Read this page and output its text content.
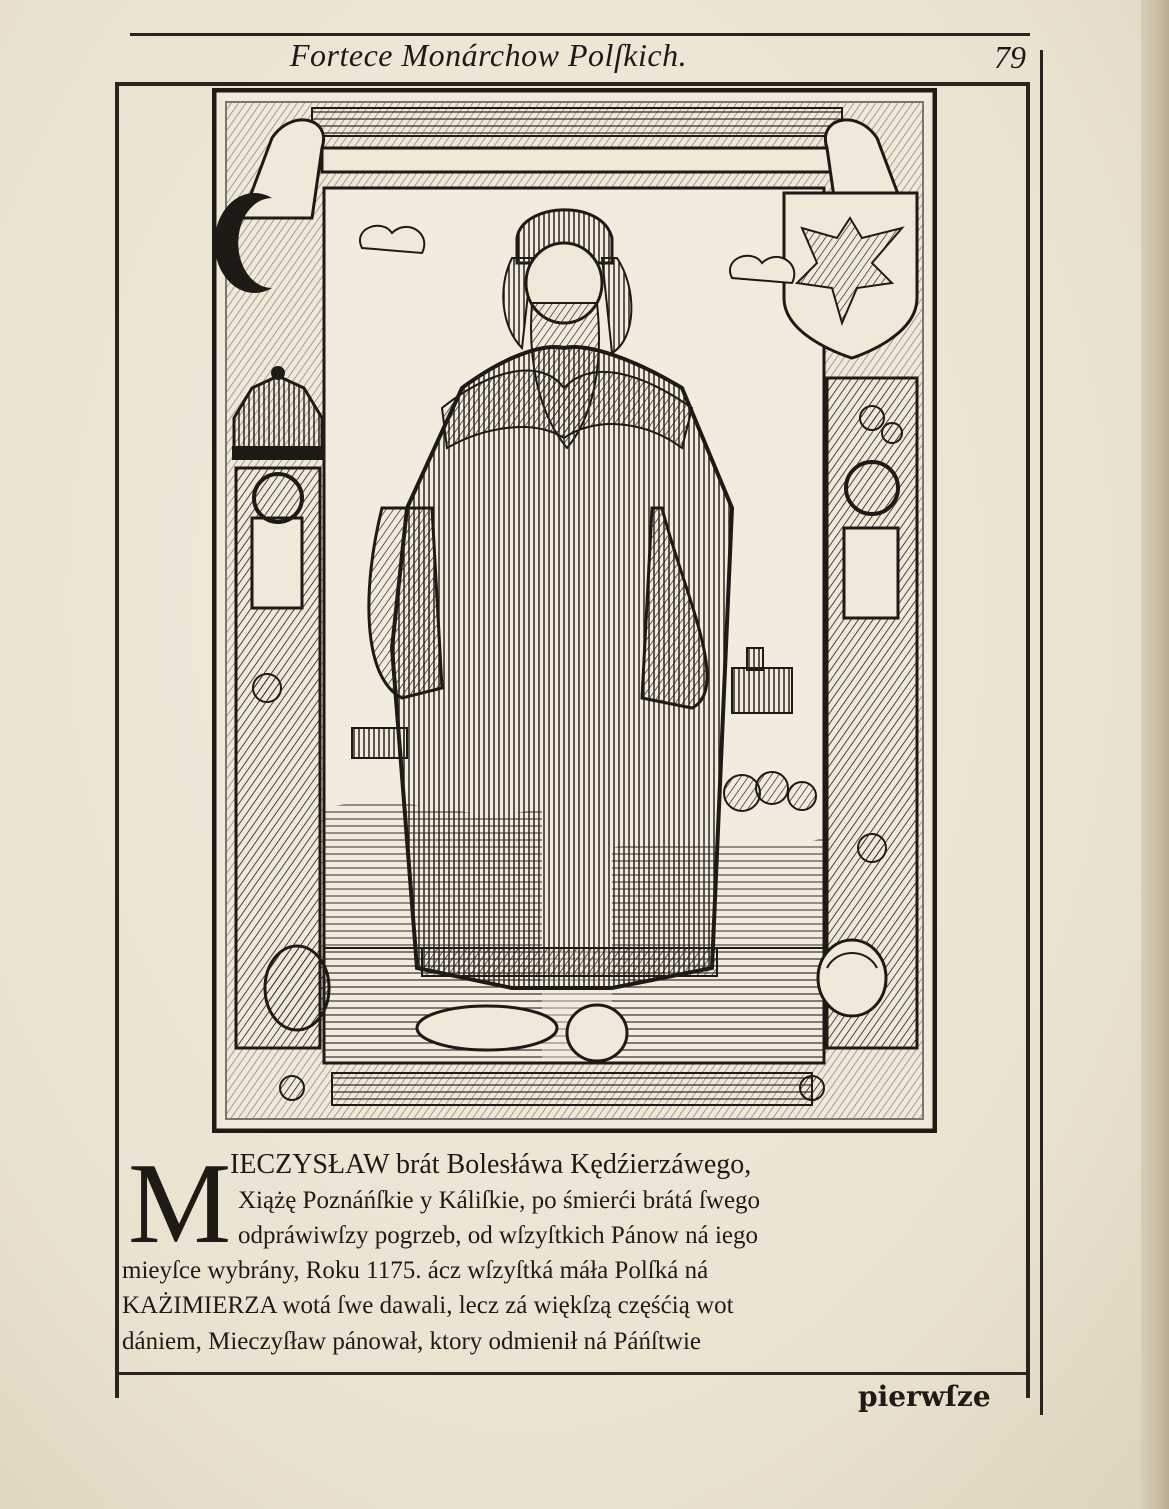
Fortece Monárchow Polſkich.	79
M
IECZYSŁAW brát Bolesłáwa Kędźierzáwego,
Xiążę Poznáńſkie y Káliſkie, po śmierći brátá ſwego
odpráwiwſzy pogrzeb, od wſzyſtkich Pánow ná iego
mieyſce wybrány, Roku 1175. ácz wſzyſtká máła Polſká ná
KAŻIMIERZA wotá ſwe dawali, lecz zá więkſzą częśćią wot
dániem, Mieczyſław pánował, ktory odmienił ná Páńſtwie
pierwſze
